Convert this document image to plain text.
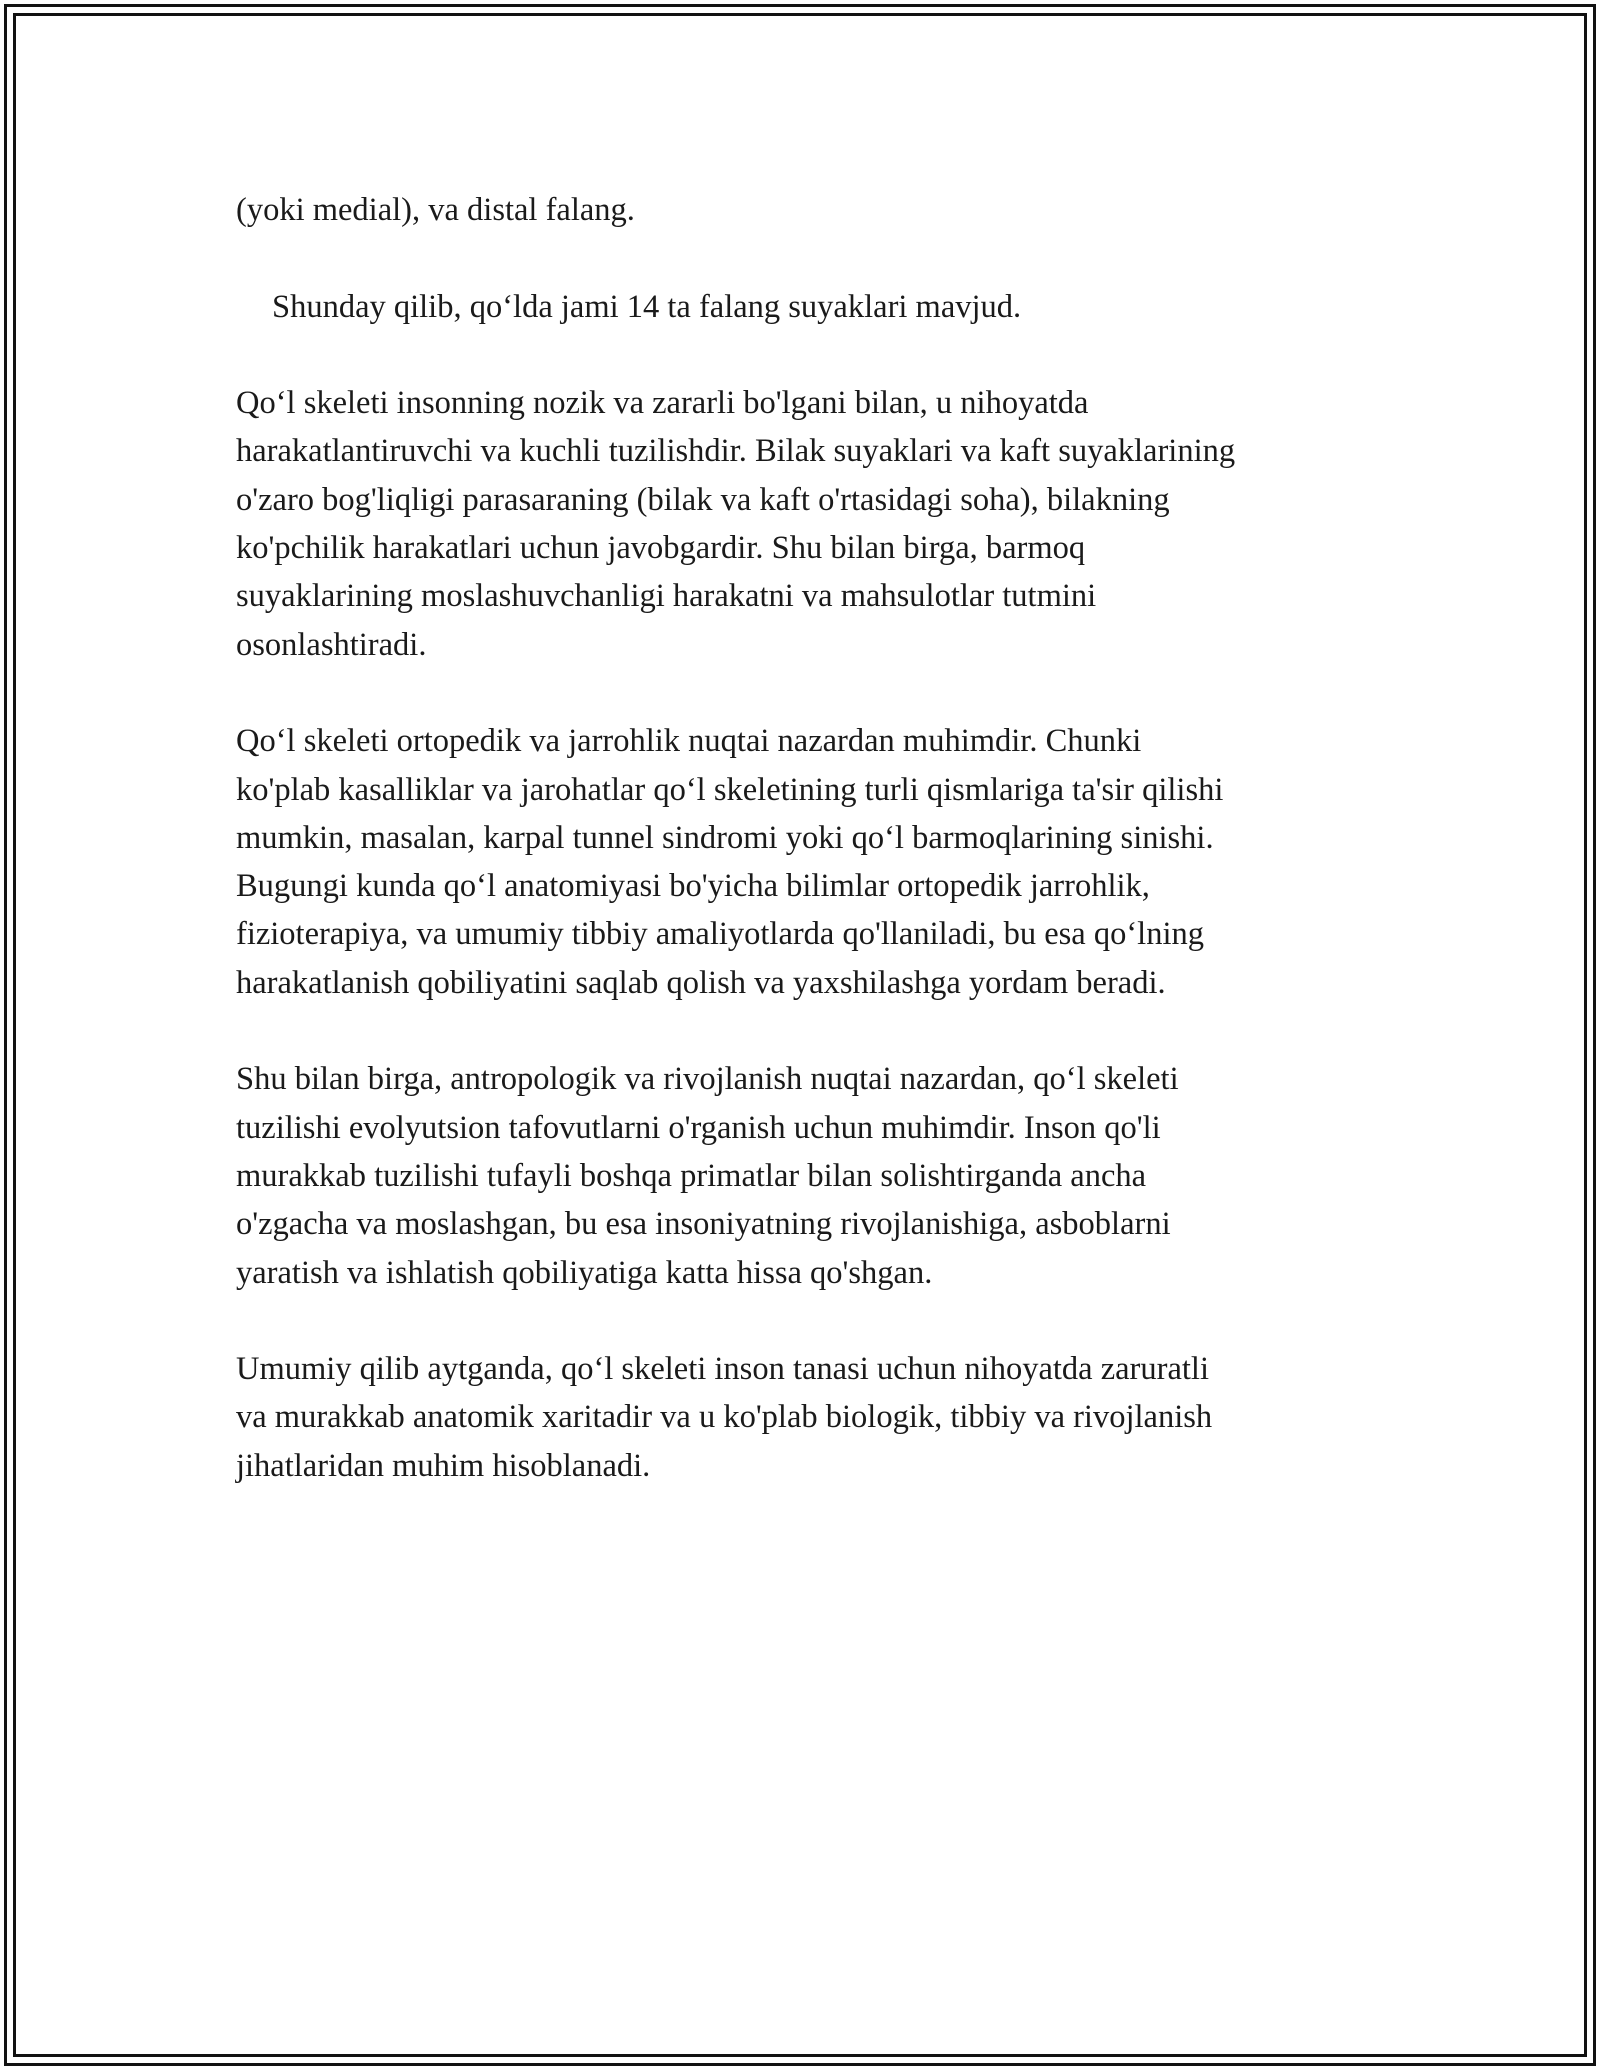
(yoki medial), va distal falang.

Shunday qilib, qo‘lda jami 14 ta falang suyaklari mavjud.

Qo‘l skeleti insonning nozik va zararli bo'lgani bilan, u nihoyatda
harakatlantiruvchi va kuchli tuzilishdir. Bilak suyaklari va kaft suyaklarining
o'zaro bog'liqligi parasaraning (bilak va kaft o'rtasidagi soha), bilakning
ko'pchilik harakatlari uchun javobgardir. Shu bilan birga, barmoq
suyaklarining moslashuvchanligi harakatni va mahsulotlar tutmini
osonlashtiradi.

Qo‘l skeleti ortopedik va jarrohlik nuqtai nazardan muhimdir. Chunki
ko'plab kasalliklar va jarohatlar qo‘l skeletining turli qismlariga ta'sir qilishi
mumkin, masalan, karpal tunnel sindromi yoki qo‘l barmoqlarining sinishi.
Bugungi kunda qo‘l anatomiyasi bo'yicha bilimlar ortopedik jarrohlik,
fizioterapiya, va umumiy tibbiy amaliyotlarda qo'llaniladi, bu esa qo‘lning
harakatlanish qobiliyatini saqlab qolish va yaxshilashga yordam beradi.

Shu bilan birga, antropologik va rivojlanish nuqtai nazardan, qo‘l skeleti
tuzilishi evolyutsion tafovutlarni o'rganish uchun muhimdir. Inson qo'li
murakkab tuzilishi tufayli boshqa primatlar bilan solishtirganda ancha
o'zgacha va moslashgan, bu esa insoniyatning rivojlanishiga, asboblarni
yaratish va ishlatish qobiliyatiga katta hissa qo'shgan.

Umumiy qilib aytganda, qo‘l skeleti inson tanasi uchun nihoyatda zaruratli
va murakkab anatomik xaritadir va u ko'plab biologik, tibbiy va rivojlanish
jihatlaridan muhim hisoblanadi.
